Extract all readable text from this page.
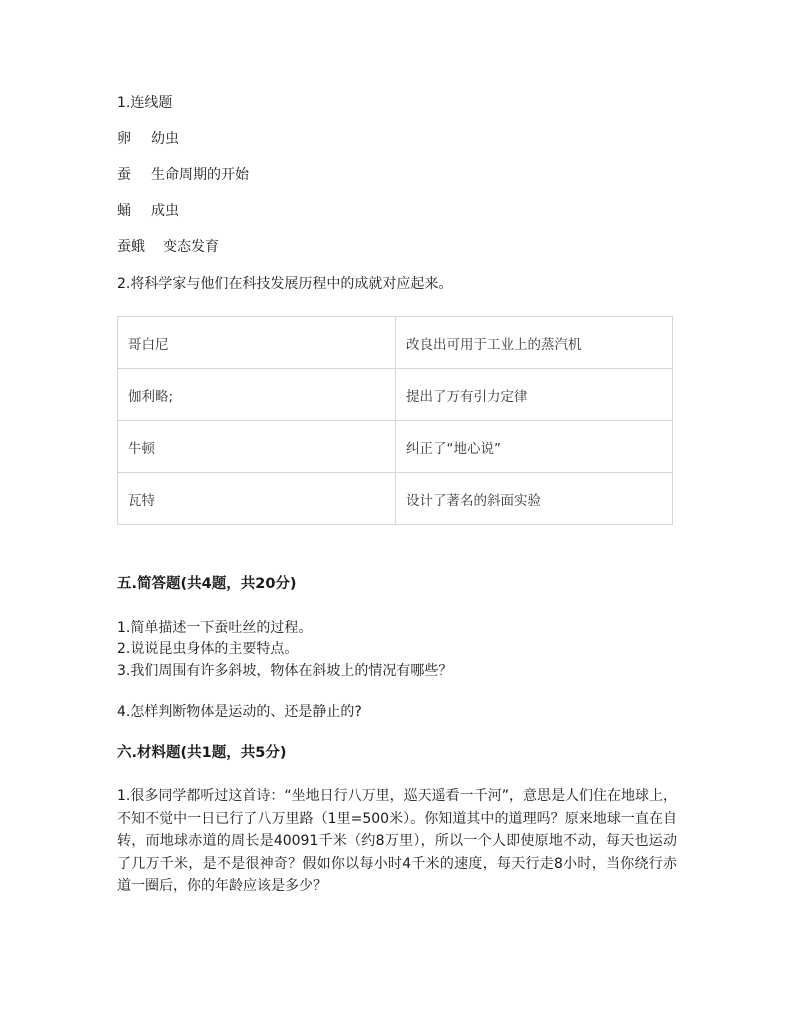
1.连线题
卵 幼虫
蚕 生命周期的开始
蛹 成虫
蚕蛾 变态发育
2.将科学家与他们在科技发展历程中的成就对应起来。
哥白尼	改良出可用于工业上的蒸汽机
伽利略;	提出了万有引力定律
牛顿	纠正了“地心说”
瓦特	设计了著名的斜面实验
五.简答题(共4题，共20分)
1.简单描述一下蚕吐丝的过程。
2.说说昆虫身体的主要特点。
3.我们周围有许多斜坡，物体在斜坡上的情况有哪些？
4.怎样判断物体是运动的、还是静止的?
六.材料题(共1题，共5分)
1.很多同学都听过这首诗：“坐地日行八万里，巡天遥看一千河”，意思是人们住在地球上，不知不觉中一日已行了八万里路（1里=500米）。你知道其中的道理吗？原来地球一直在自转，而地球赤道的周长是40091千米（约8万里），所以一个人即使原地不动，每天也运动了几万千米，是不是很神奇？假如你以每小时4千米的速度，每天行走8小时，当你绕行赤道一圈后，你的年龄应该是多少？
